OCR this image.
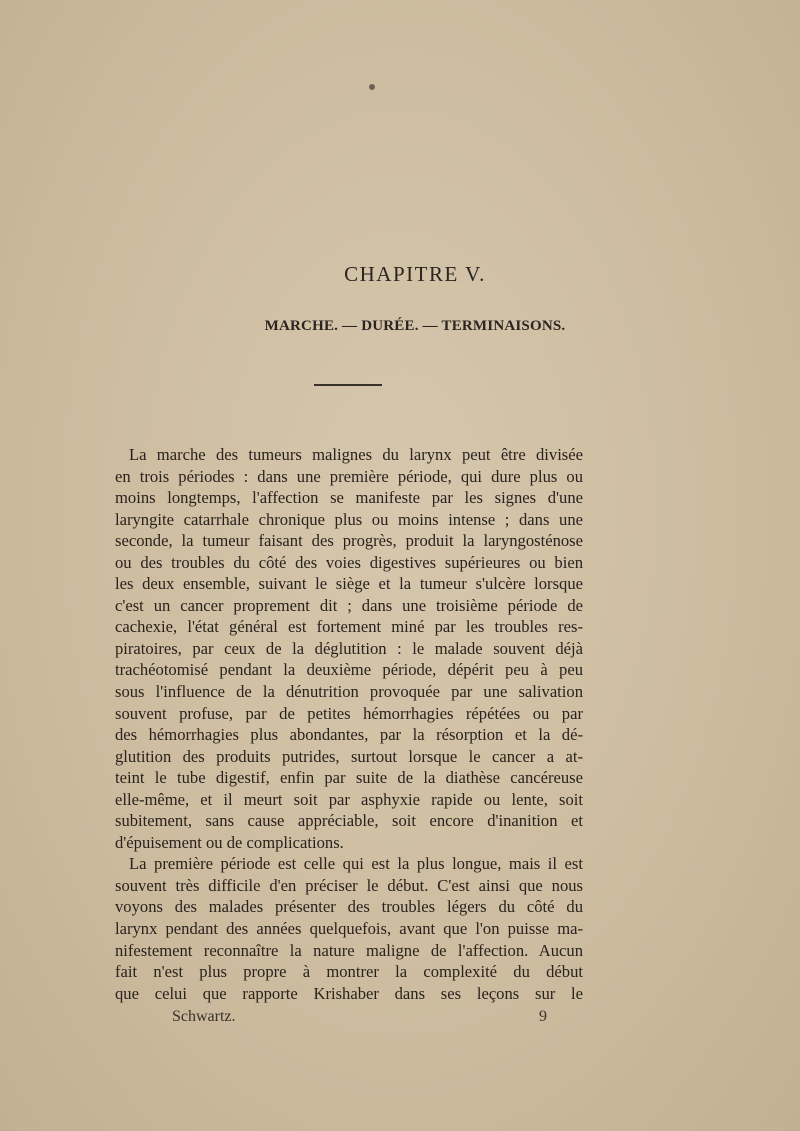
CHAPITRE V.
MARCHE. — DURÉE. — TERMINAISONS.
La marche des tumeurs malignes du larynx peut être divisée
en trois périodes : dans une première période, qui dure plus ou
moins longtemps, l'affection se manifeste par les signes d'une
laryngite catarrhale chronique plus ou moins intense ; dans une
seconde, la tumeur faisant des progrès, produit la laryngosténose
ou des troubles du côté des voies digestives supérieures ou bien
les deux ensemble, suivant le siège et la tumeur s'ulcère lorsque
c'est un cancer proprement dit ; dans une troisième période de
cachexie, l'état général est fortement miné par les troubles res-
piratoires, par ceux de la déglutition : le malade souvent déjà
trachéotomisé pendant la deuxième période, dépérit peu à peu
sous l'influence de la dénutrition provoquée par une salivation
souvent profuse, par de petites hémorrhagies répétées ou par
des hémorrhagies plus abondantes, par la résorption et la dé-
glutition des produits putrides, surtout lorsque le cancer a at-
teint le tube digestif, enfin par suite de la diathèse cancéreuse
elle-même, et il meurt soit par asphyxie rapide ou lente, soit
subitement, sans cause appréciable, soit encore d'inanition et
d'épuisement ou de complications.
La première période est celle qui est la plus longue, mais il est
souvent très difficile d'en préciser le début. C'est ainsi que nous
voyons des malades présenter des troubles légers du côté du
larynx pendant des années quelquefois, avant que l'on puisse ma-
nifestement reconnaître la nature maligne de l'affection. Aucun
fait n'est plus propre à montrer la complexité du début
que celui que rapporte Krishaber dans ses leçons sur le
Schwartz.	9
